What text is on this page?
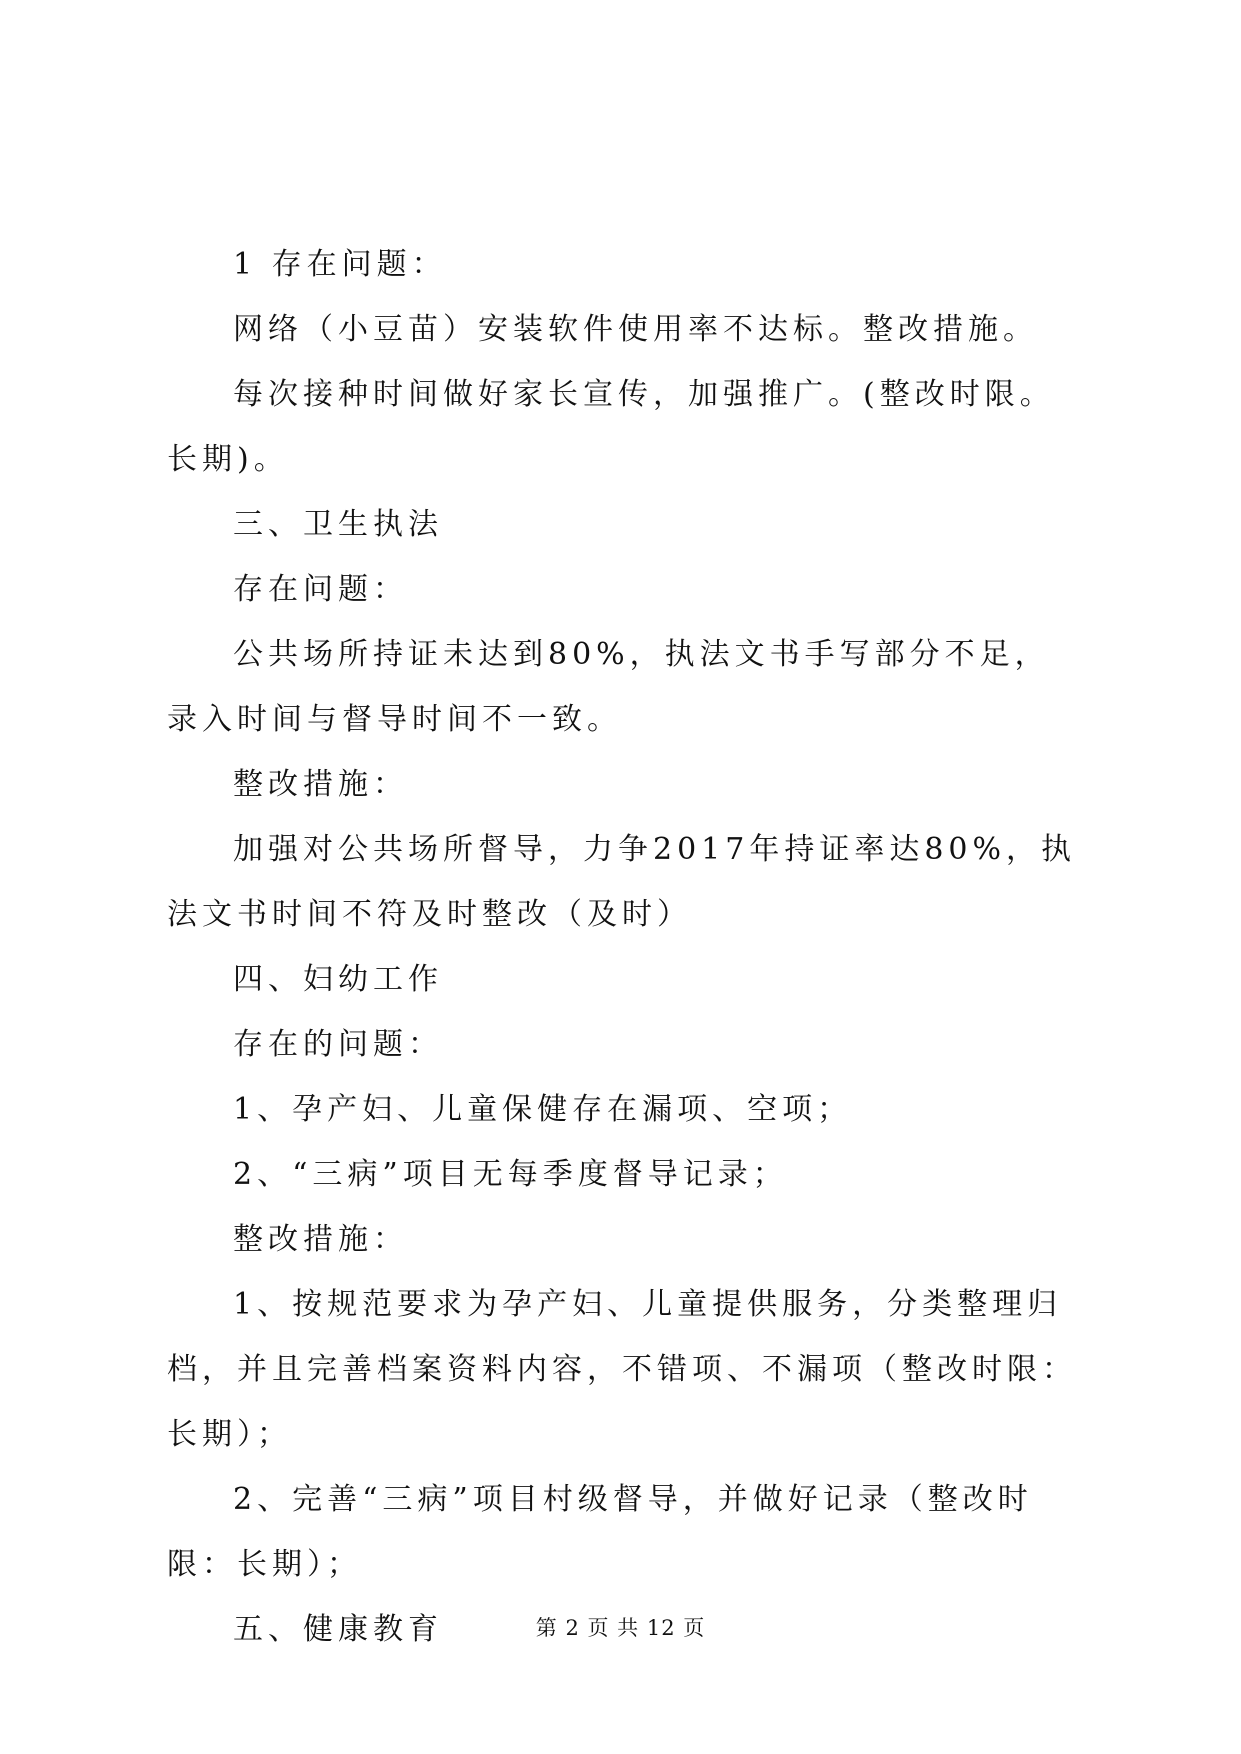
1 存在问题：

网络（小豆苗）安装软件使用率不达标。整改措施。

每次接种时间做好家长宣传，加强推广。(整改时限。长期)。

三、卫生执法

存在问题：

公共场所持证未达到80%，执法文书手写部分不足，录入时间与督导时间不一致。

整改措施：

加强对公共场所督导，力争2017年持证率达80%，执法文书时间不符及时整改（及时）

四、妇幼工作

存在的问题：

1、孕产妇、儿童保健存在漏项、空项；

2、“三病”项目无每季度督导记录；

整改措施：

1、按规范要求为孕产妇、儿童提供服务，分类整理归档，并且完善档案资料内容，不错项、不漏项（整改时限：长期）；

2、完善“三病”项目村级督导，并做好记录（整改时限：长期）；

五、健康教育	第 2 页 共 12 页
